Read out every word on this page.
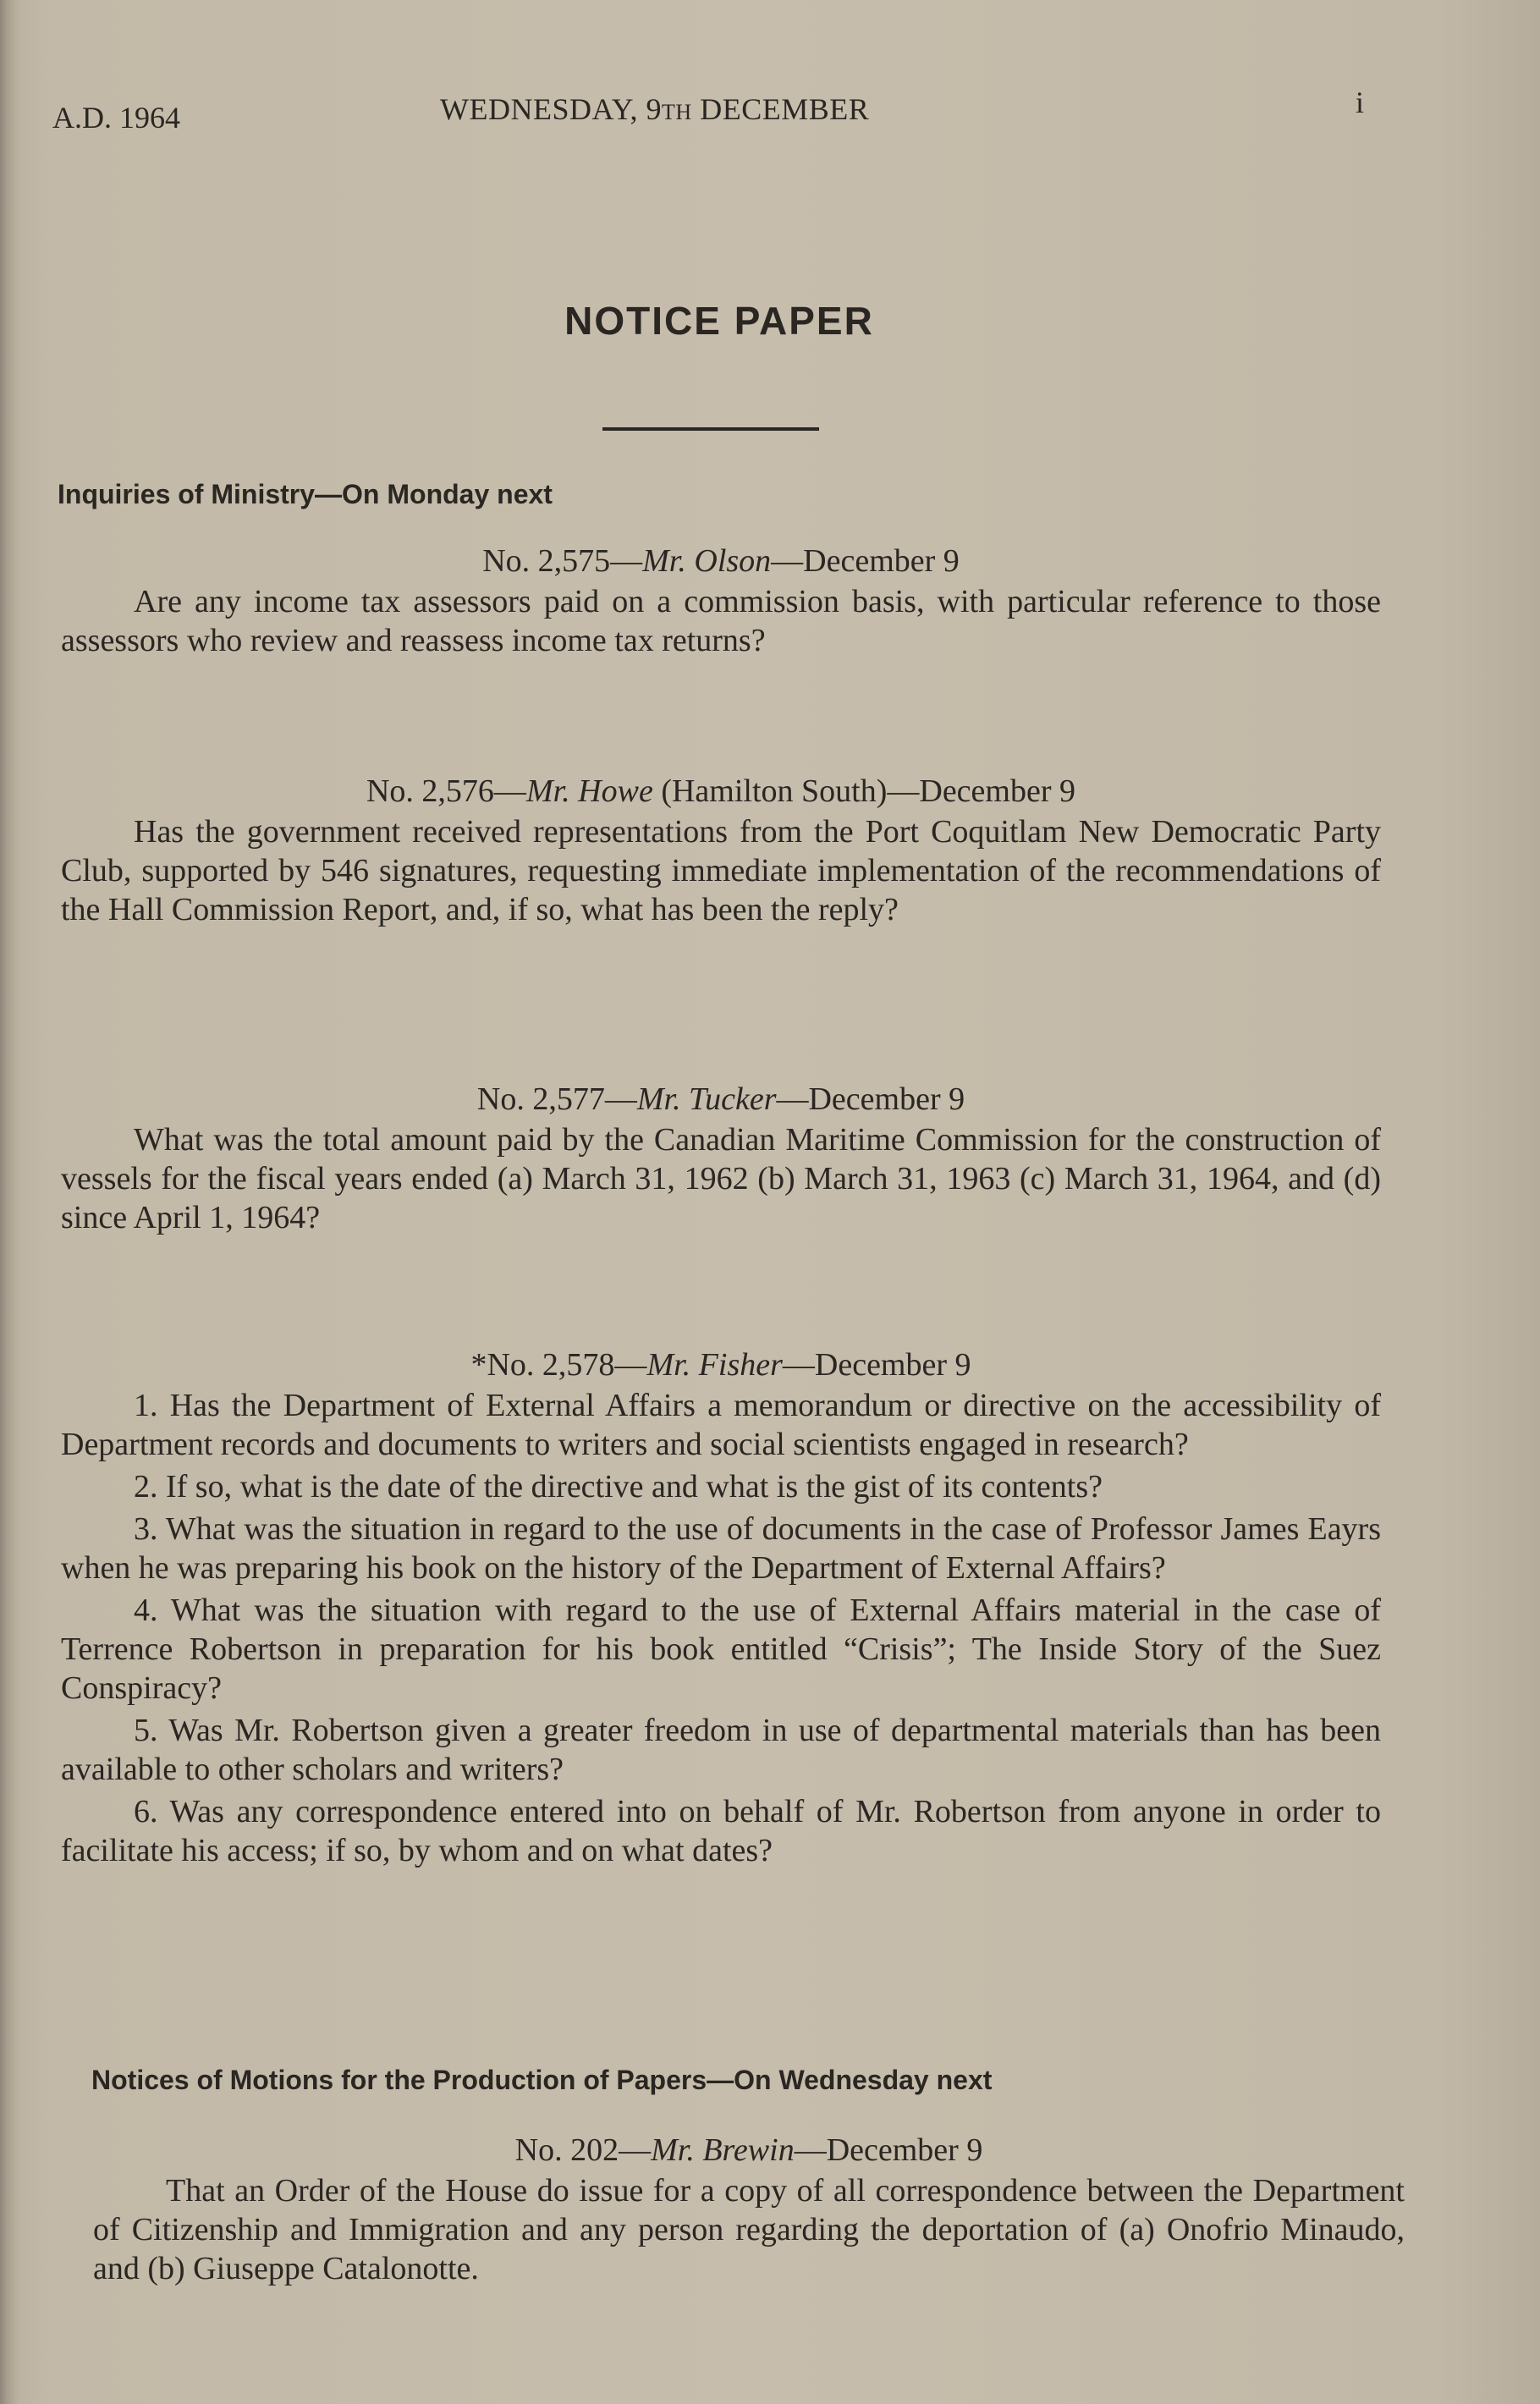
A.D. 1964	WEDNESDAY, 9TH DECEMBER	i
NOTICE PAPER
Inquiries of Ministry—On Monday next
No. 2,575—Mr. Olson—December 9

Are any income tax assessors paid on a commission basis, with particular reference to those assessors who review and reassess income tax returns?

No. 2,576—Mr. Howe (Hamilton South)—December 9

Has the government received representations from the Port Coquitlam New Democratic Party Club, supported by 546 signatures, requesting immediate implementation of the recommendations of the Hall Commission Report, and, if so, what has been the reply?

No. 2,577—Mr. Tucker—December 9

What was the total amount paid by the Canadian Maritime Commission for the construction of vessels for the fiscal years ended (a) March 31, 1962 (b) March 31, 1963 (c) March 31, 1964, and (d) since April 1, 1964?

*No. 2,578—Mr. Fisher—December 9

1. Has the Department of External Affairs a memorandum or directive on the accessibility of Department records and documents to writers and social scientists engaged in research?

2. If so, what is the date of the directive and what is the gist of its contents?

3. What was the situation in regard to the use of documents in the case of Professor James Eayrs when he was preparing his book on the history of the Department of External Affairs?

4. What was the situation with regard to the use of External Affairs material in the case of Terrence Robertson in preparation for his book entitled “Crisis”; The Inside Story of the Suez Conspiracy?

5. Was Mr. Robertson given a greater freedom in use of departmental materials than has been available to other scholars and writers?

6. Was any correspondence entered into on behalf of Mr. Robertson from anyone in order to facilitate his access; if so, by whom and on what dates?

Notices of Motions for the Production of Papers—On Wednesday next
No. 202—Mr. Brewin—December 9

That an Order of the House do issue for a copy of all correspondence between the Department of Citizenship and Immigration and any person regarding the deportation of (a) Onofrio Minaudo, and (b) Giuseppe Catalonotte.
